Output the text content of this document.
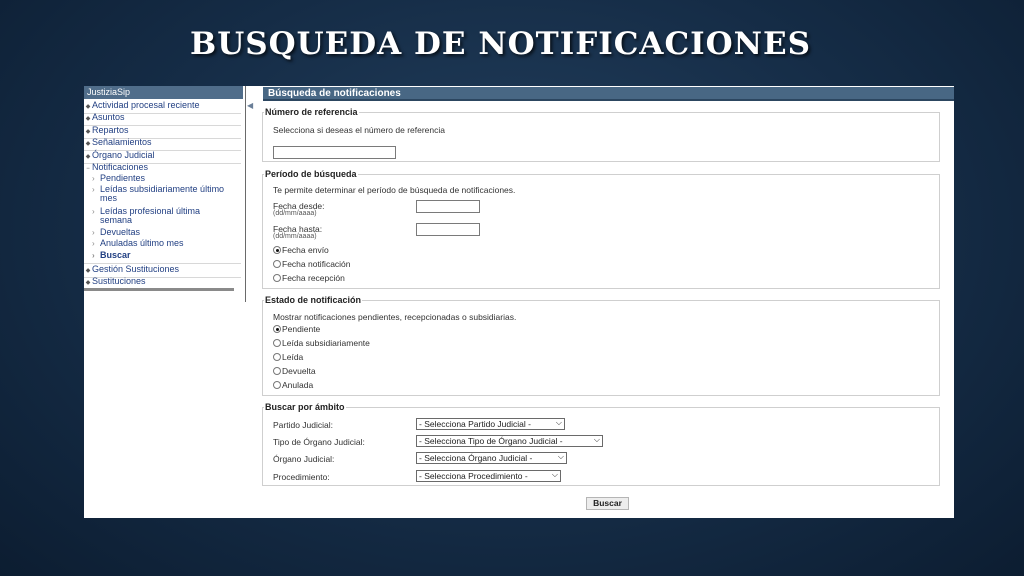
BUSQUEDA DE NOTIFICACIONES
JustiziaSip
◆ Actividad procesal reciente
◆ Asuntos
◆ Repartos
◆ Señalamientos
◆ Órgano Judicial
− Notificaciones
› Pendientes
› Leídas subsidiariamente último mes
› Leídas profesional última semana
› Devueltas
› Anuladas último mes
› Buscar
◆ Gestión Sustituciones
◆ Sustituciones
◀
Búsqueda de notificaciones
Número de referencia
Selecciona si deseas el número de referencia
Período de búsqueda
Te permite determinar el período de búsqueda de notificaciones.
Fecha desde:
(dd/mm/aaaa)
Fecha hasta:
(dd/mm/aaaa)
Fecha envío
Fecha notificación
Fecha recepción
Estado de notificación
Mostrar notificaciones pendientes, recepcionadas o subsidiarias.
Pendiente
Leída subsidiariamente
Leída
Devuelta
Anulada
Buscar por ámbito
Partido Judicial:	- Selecciona Partido Judicial -	⌵
Tipo de Órgano Judicial:	- Selecciona Tipo de Órgano Judicial -	⌵
Órgano Judicial:	- Selecciona Órgano Judicial -	⌵
Procedimiento:	- Selecciona Procedimiento -	⌵
Buscar
